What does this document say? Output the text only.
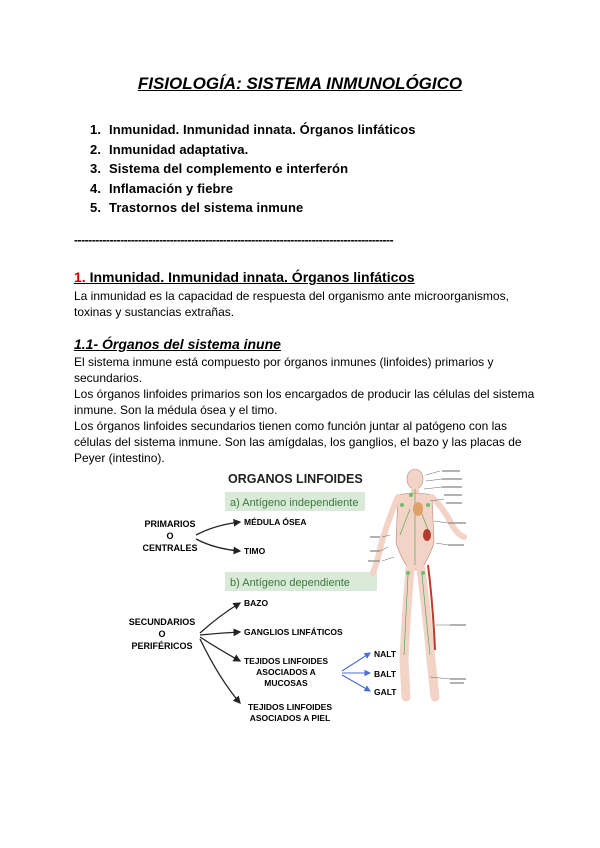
FISIOLOGÍA: SISTEMA INMUNOLÓGICO
1. Inmunidad. Inmunidad innata. Órganos linfáticos
2. Inmunidad adaptativa.
3. Sistema del complemento e interferón
4. Inflamación y fiebre
5. Trastornos del sistema inmune
------------------------------------------------------------------------------------------
1. Inmunidad. Inmunidad innata. Órganos linfáticos

La inmunidad es la capacidad de respuesta del organismo ante microorganismos, toxinas y sustancias extrañas.

1.1- Órganos del sistema inune

El sistema inmune está compuesto por órganos inmunes (linfoides) primarios y secundarios.

Los órganos linfoides primarios son los encargados de producir las células del sistema inmune. Son la médula ósea y el timo.

Los órganos linfoides secundarios tienen como función juntar al patógeno con las células del sistema inmune. Son las amígdalas, los ganglios, el bazo y las placas de Peyer (intestino).

ORGANOS LINFOIDES
a) Antígeno independiente
PRIMARIOS
O
CENTRALES
MÉDULA ÓSEA
TIMO
b) Antígeno dependiente
SECUNDARIOS
O
PERIFÉRICOS
BAZO
GANGLIOS LINFÁTICOS
TEJIDOS LINFOIDES
ASOCIADOS A
MUCOSAS
TEJIDOS LINFOIDES
ASOCIADOS A PIEL
NALT
BALT
GALT
